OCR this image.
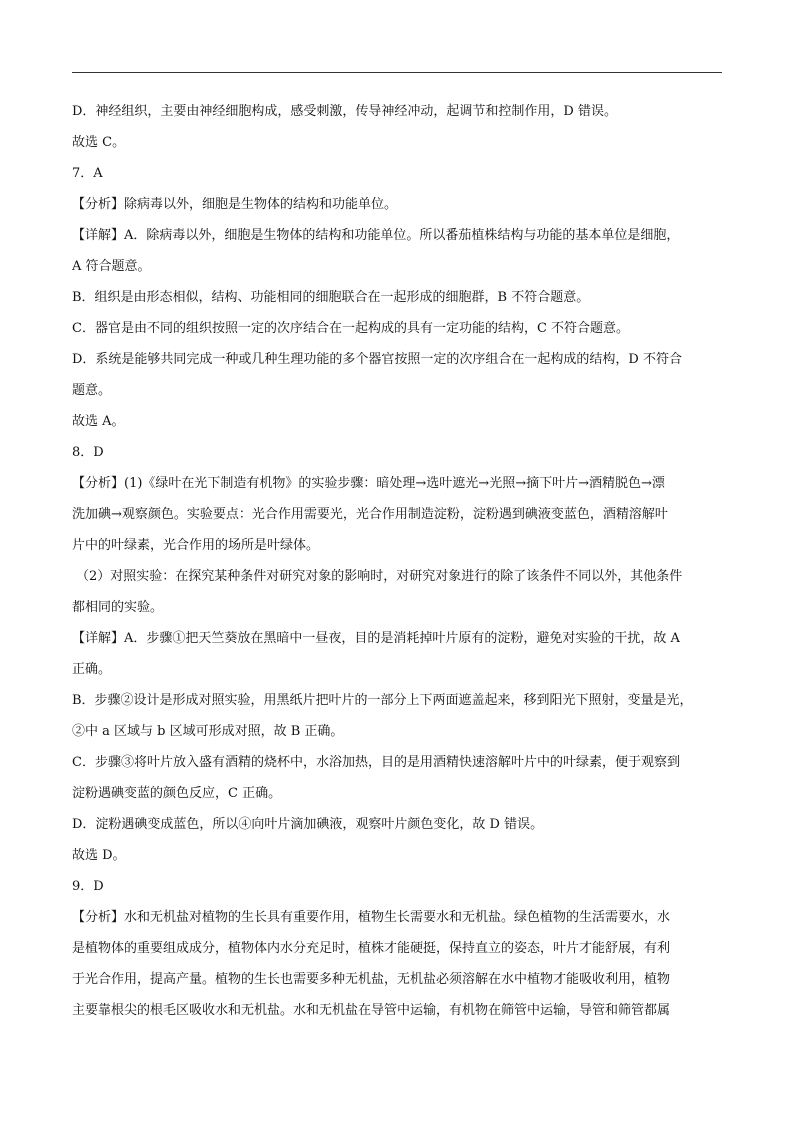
D．神经组织，主要由神经细胞构成，感受刺激，传导神经冲动，起调节和控制作用，D 错误。
故选 C。
7．A
【分析】除病毒以外，细胞是生物体的结构和功能单位。
【详解】A．除病毒以外，细胞是生物体的结构和功能单位。所以番茄植株结构与功能的基本单位是细胞，
A 符合题意。
B．组织是由形态相似，结构、功能相同的细胞联合在一起形成的细胞群，B 不符合题意。
C．器官是由不同的组织按照一定的次序结合在一起构成的具有一定功能的结构，C 不符合题意。
D．系统是能够共同完成一种或几种生理功能的多个器官按照一定的次序组合在一起构成的结构，D 不符合
题意。
故选 A。
8．D
【分析】(1)《绿叶在光下制造有机物》的实验步骤：暗处理→选叶遮光→光照→摘下叶片→酒精脱色→漂
洗加碘→观察颜色。实验要点：光合作用需要光，光合作用制造淀粉，淀粉遇到碘液变蓝色，酒精溶解叶
片中的叶绿素，光合作用的场所是叶绿体。
（2）对照实验：在探究某种条件对研究对象的影响时，对研究对象进行的除了该条件不同以外，其他条件
都相同的实验。
【详解】A．步骤①把天竺葵放在黑暗中一昼夜，目的是消耗掉叶片原有的淀粉，避免对实验的干扰，故 A
正确。
B．步骤②设计是形成对照实验，用黑纸片把叶片的一部分上下两面遮盖起来，移到阳光下照射，变量是光，
②中 a 区域与 b 区域可形成对照，故 B 正确。
C．步骤③将叶片放入盛有酒精的烧杯中，水浴加热，目的是用酒精快速溶解叶片中的叶绿素，便于观察到
淀粉遇碘变蓝的颜色反应，C 正确。
D．淀粉遇碘变成蓝色，所以④向叶片滴加碘液，观察叶片颜色变化，故 D 错误。
故选 D。
9．D
【分析】水和无机盐对植物的生长具有重要作用，植物生长需要水和无机盐。绿色植物的生活需要水，水
是植物体的重要组成成分，植物体内水分充足时，植株才能硬挺，保持直立的姿态，叶片才能舒展，有利
于光合作用，提高产量。植物的生长也需要多种无机盐，无机盐必须溶解在水中植物才能吸收利用，植物
主要靠根尖的根毛区吸收水和无机盐。水和无机盐在导管中运输，有机物在筛管中运输，导管和筛管都属
